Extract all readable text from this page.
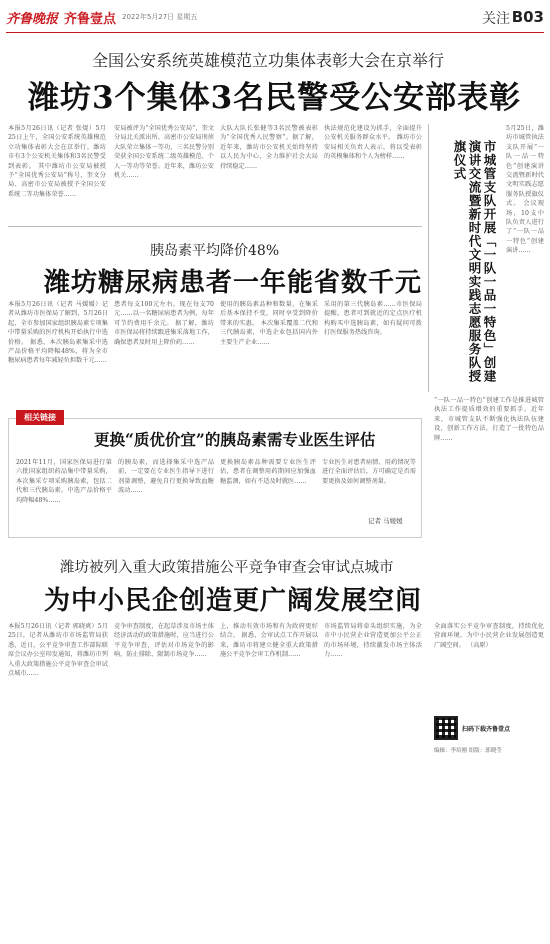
齐鲁晚报 齐鲁壹点 2022年5月27日 星期五	关注 B03
全国公安系统英雄模范立功集体表彰大会在京举行
潍坊3个集体3名民警受公安部表彰
本报5月26日讯（记者 张焜）5月25日上午，全国公安系统英雄模范立功集体表彰大会在京举行。潍坊市有3个公安机关集体和3名民警受到表彰。 其中潍坊市公安局被授予“全国优秀公安局”称号，奎文分局、高密市公安局被授予全国公安系统二等功集体荣誉……
安局被评为“全国优秀公安局”，奎文分局北关派出所、高密市公安局刑侦大队荣立集体一等功，三名民警分别荣获全国公安系统二级英雄模范、个人一等功等荣誉。近年来，潍坊公安机关……
大队大队长张健等3名民警被表彰为“全国优秀人民警察”。据了解，近年来，潍坊市公安机关始终坚持以人民为中心，全力维护社会大局持续稳定……
执法规范化建设为抓手，全面提升公安机关服务群众水平。 潍坊市公安局相关负责人表示，将以受表彰的英模集体和个人为榜样……	市城管支队开展「一队一品一特色」创建演讲交流暨新时代文明实践志愿服务队授旗仪式
5月25日，潍坊市城管执法支队开展“一队一品一特色”创建演讲交流暨新时代文明实践志愿服务队授旗仪式。 会议现场，10支中队负责人进行了“一队一品一特色”创建演讲……
“一队一品一特色”创建工作是推进城管执法工作提质增效的重要抓手。近年来，市城管支队不断强化执法队伍建设，创新工作方法，打造了一批特色品牌……
胰岛素平均降价48%
潍坊糖尿病患者一年能省数千元
本报5月26日讯（记者 马媛媛）记者从潍坊市医保局了解到，5月26日起，全市参加国家组织胰岛素专项集中带量采购的医疗机构开始执行中选价格。 据悉，本次胰岛素集采中选产品价格平均降幅48%，将为全市糖尿病患者每年减轻负担数千元……
患者每支100元左右，现在每支70元……以一名糖尿病患者为例，每年可节约费用千余元。 据了解，潍坊市医保局将持续跟进集采落地工作，确保患者及时用上降价药……
使用的胰岛素品种和数量，在集采后基本保持不变，同时享受到降价带来的实惠。 本次集采覆盖二代和三代胰岛素，中选企业包括国内外主要生产企业……
采用的第三代胰岛素……市医保局提醒，患者可到就近的定点医疗机构购买中选胰岛素，如有疑问可拨打医保服务热线咨询。
相关链接
更换“质优价宜”的胰岛素需专业医生评估
2021年11月，国家医保局进行第六批国家组织药品集中带量采购，本次集采专项采购胰岛素，包括二代和三代胰岛素。中选产品价格平均降幅48%……
的胰岛素，而选择集采中选产品前，一定要在专业医生指导下进行剂量调整，避免自行更换导致血糖波动……
更换胰岛素品种需要专业医生评估，患者在调整用药期间应加强血糖监测，如有不适及时就医……
专业医生对患者病情、用药情况等进行全面评估后，方可确定是否需要更换及如何调整剂量。
记者 马媛媛
潍坊被列入重大政策措施公平竞争审查会审试点城市
为中小民企创造更广阔发展空间
本报5月26日讯（记者 郭晓爽）5月25日，记者从潍坊市市场监管局获悉，近日，公平竞争审查工作部际联席会议办公室印发通知，将潍坊市列入重大政策措施公平竞争审查会审试点城市……
竞争审查制度，在起草涉及市场主体经济活动的政策措施时，应当进行公平竞争审查，评估对市场竞争的影响，防止排除、限制市场竞争……
上，推动有效市场和有为政府更好结合。 据悉，会审试点工作开展以来，潍坊市将建立健全重大政策措施公平竞争会审工作机制……
市场监管局将牵头组织实施，为全市中小民营企业营造更加公平公正的市场环境，持续激发市场主体活力……
全面落实公平竞争审查制度，持续优化营商环境，为中小民营企业发展创造更广阔空间。 （高原）
扫码下载齐鲁壹点
编辑：李培刚 组版：郭晓莹
